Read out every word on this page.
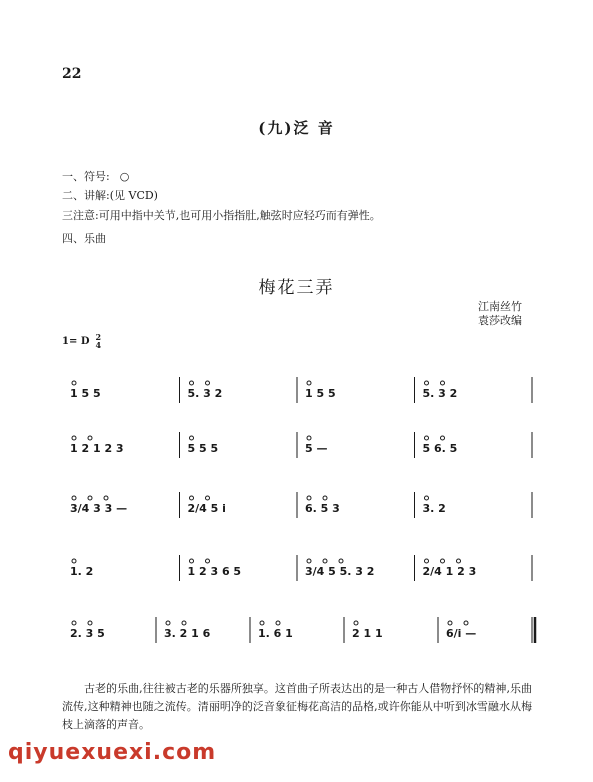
22
(九)泛 音
一、符号: ○
二、讲解:(见 VCD)
三注意:可用中指中关节,也可用小指指肚,触弦时应轻巧而有弹性。
四、乐曲
梅花三弄
江南丝竹
袁莎改编
1= D 2
4
1 5 5	5. 3 2	1 5 5	5. 3 2
1 2 1 2 3	5 5 5	5 —	5 6. 5
3/4 3 3 —	2/4 5 i	6. 5 3	3. 2
1. 2	1 2 3 6 5	3/4 5 5. 3 2	2/4 1 2 3
2. 3 5	3. 2 1 6	1. 6 1	2 1 1	6/i —
古老的乐曲,往往被古老的乐器所独享。这首曲子所表达出的是一种古人借物抒怀的精神,乐曲流传,这种精神也随之流传。清丽明净的泛音象征梅花高洁的品格,或许你能从中听到冰雪融水从梅枝上滴落的声音。
qiyuexuexi.com
